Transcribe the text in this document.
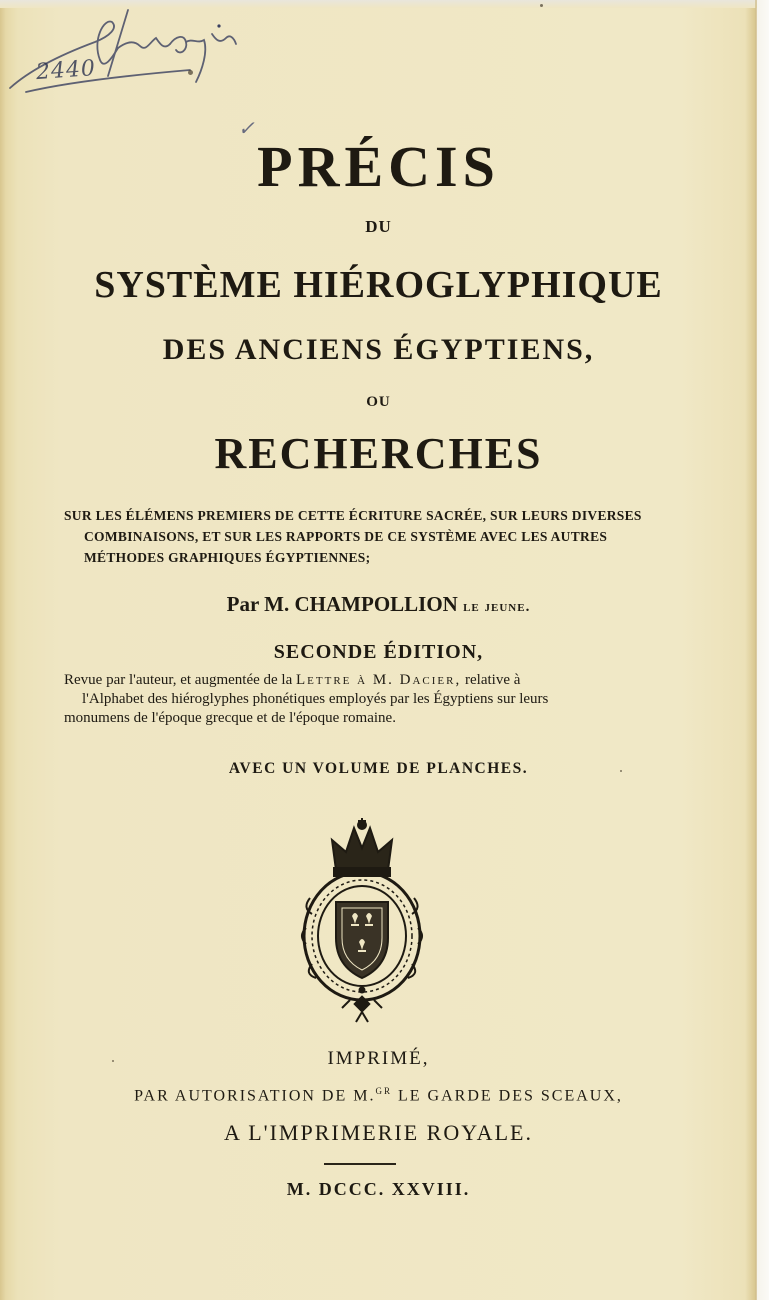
2440
✓
PRÉCIS
DU
SYSTÈME HIÉROGLYPHIQUE
DES ANCIENS ÉGYPTIENS,
OU
RECHERCHES
SUR LES ÉLÉMENS PREMIERS DE CETTE ÉCRITURE SACRÉE, SUR LEURS DIVERSES
COMBINAISONS, ET SUR LES RAPPORTS DE CE SYSTÈME AVEC LES AUTRES
MÉTHODES GRAPHIQUES ÉGYPTIENNES;
Par M. CHAMPOLLION le jeune.
SECONDE ÉDITION,
Revue par l'auteur, et augmentée de la Lettre à M. Dacier, relative à
l'Alphabet des hiéroglyphes phonétiques employés par les Égyptiens sur leurs
monumens de l'époque grecque et de l'époque romaine.
AVEC UN VOLUME DE PLANCHES.
IMPRIMÉ,
PAR AUTORISATION DE M.$^{GR}$ LE GARDE DES SCEAUX,
A L'IMPRIMERIE ROYALE.
M. DCCC. XXVIII.
